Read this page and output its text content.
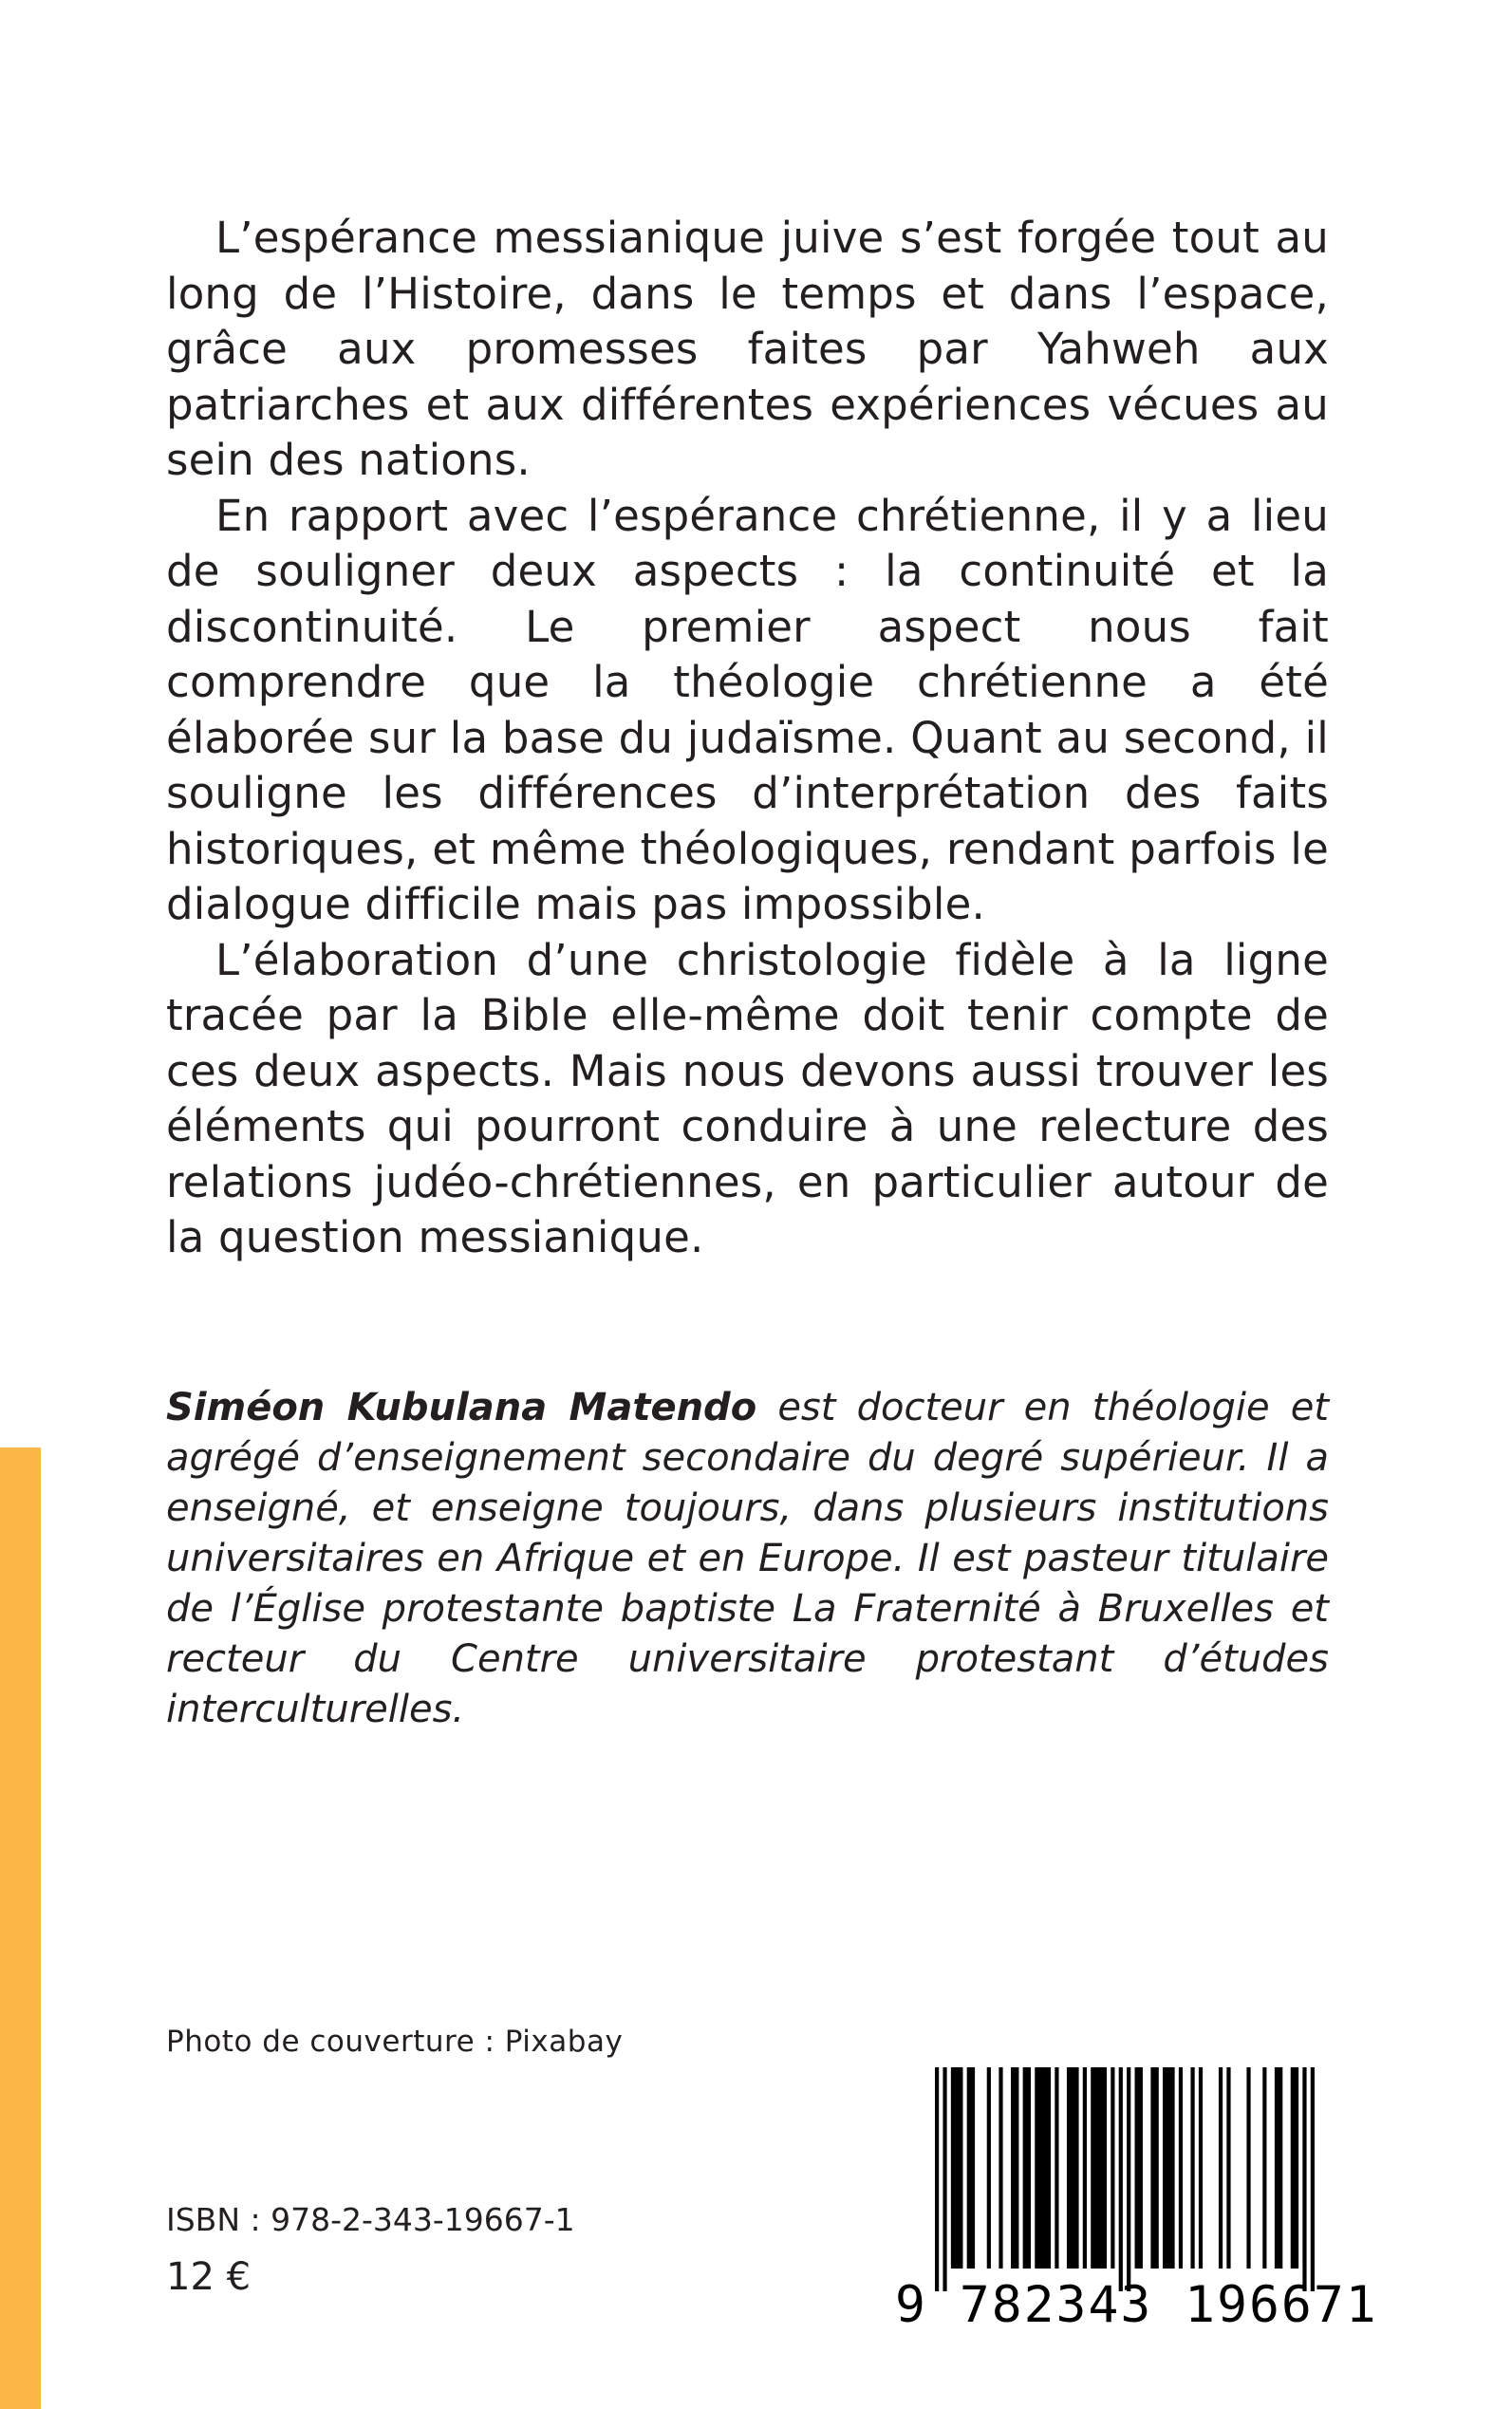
L’espérance messianique juive s’est forgée tout au long de l’Histoire, dans le temps et dans l’espace, grâce aux promesses faites par Yahweh aux patriarches et aux différentes expériences vécues au sein des nations.

En rapport avec l’espérance chrétienne, il y a lieu de souligner deux aspects : la continuité et la discontinuité. Le premier aspect nous fait comprendre que la théologie chrétienne a été élaborée sur la base du judaïsme. Quant au second, il souligne les différences d’interprétation des faits historiques, et même théologiques, rendant parfois le dialogue difficile mais pas impossible.

L’élaboration d’une christologie fidèle à la ligne tracée par la Bible elle-même doit tenir compte de ces deux aspects. Mais nous devons aussi trouver les éléments qui pourront conduire à une relecture des relations judéo-chrétiennes, en particulier autour de la question messianique.

Siméon Kubulana Matendo est docteur en théologie et agrégé d’enseignement secondaire du degré supérieur. Il a enseigné, et enseigne toujours, dans plusieurs institutions universitaires en Afrique et en Europe. Il est pasteur titulaire de l’Église protestante baptiste La Fraternité à Bruxelles et recteur du Centre universitaire protestant d’études interculturelles.
Photo de couverture : Pixabay
ISBN : 978-2-343-19667-1
12 €	9 782343 196671
